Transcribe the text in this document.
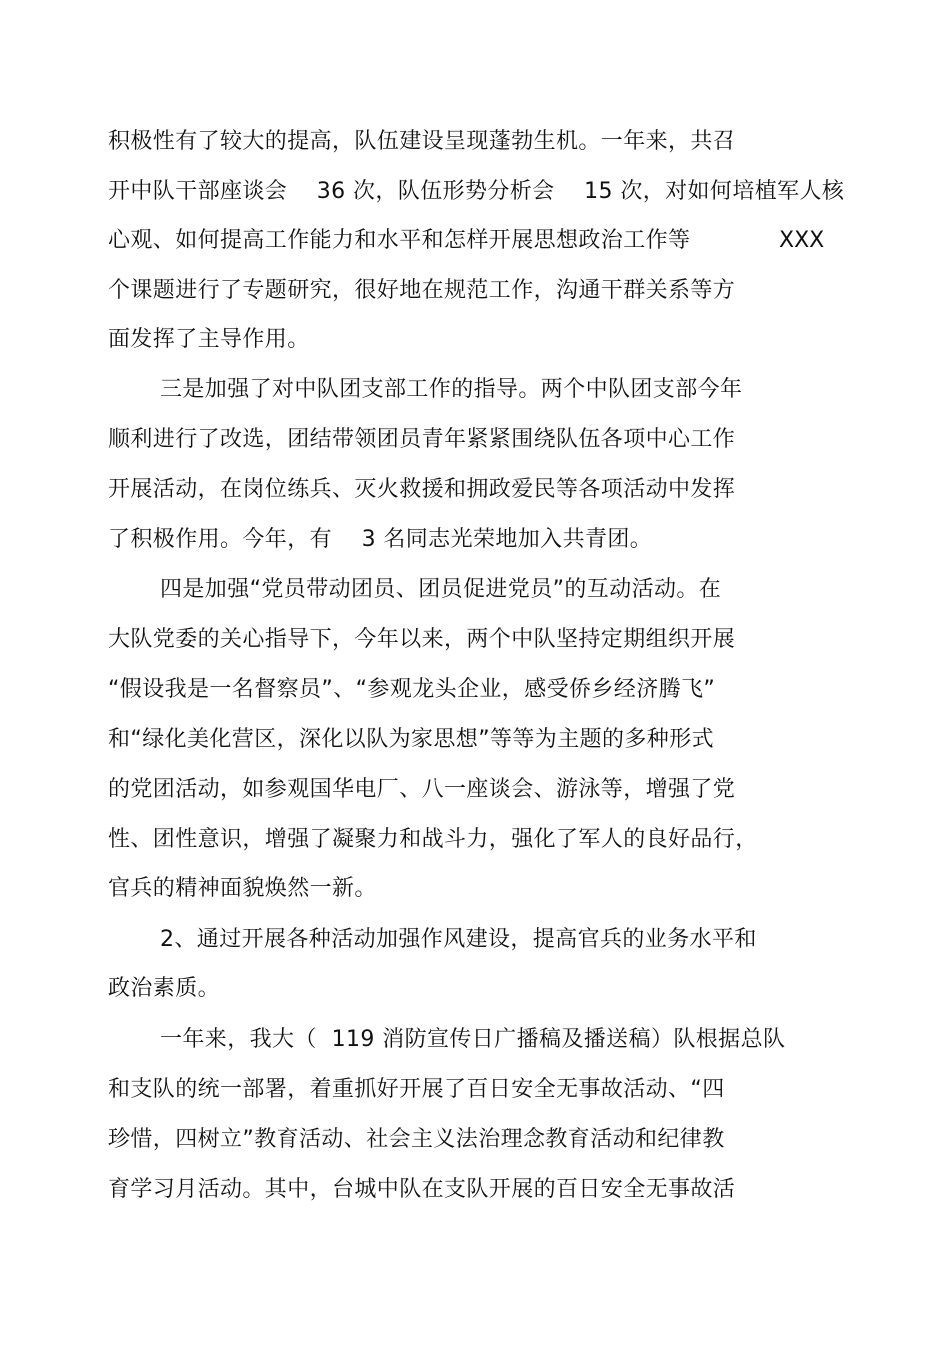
积极性有了较大的提高，队伍建设呈现蓬勃生机。一年来，共召
开中队干部座谈会    36 次，队伍形势分析会    15 次，对如何培植军人核
心观、如何提高工作能力和水平和怎样开展思想政治工作等	XXX
个课题进行了专题研究，很好地在规范工作，沟通干群关系等方
面发挥了主导作用。
三是加强了对中队团支部工作的指导。两个中队团支部今年
顺利进行了改选，团结带领团员青年紧紧围绕队伍各项中心工作
开展活动，在岗位练兵、灭火救援和拥政爱民等各项活动中发挥
了积极作用。今年，有    3 名同志光荣地加入共青团。
四是加强“党员带动团员、团员促进党员”的互动活动。在
大队党委的关心指导下，今年以来，两个中队坚持定期组织开展
“假设我是一名督察员”、“参观龙头企业，感受侨乡经济腾飞”
和“绿化美化营区，深化以队为家思想”等等为主题的多种形式
的党团活动，如参观国华电厂、八一座谈会、游泳等，增强了党
性、团性意识，增强了凝聚力和战斗力，强化了军人的良好品行，
官兵的精神面貌焕然一新。
2、通过开展各种活动加强作风建设，提高官兵的业务水平和
政治素质。
一年来，我大（  119 消防宣传日广播稿及播送稿）队根据总队
和支队的统一部署，着重抓好开展了百日安全无事故活动、“四
珍惜，四树立”教育活动、社会主义法治理念教育活动和纪律教
育学习月活动。其中，台城中队在支队开展的百日安全无事故活
